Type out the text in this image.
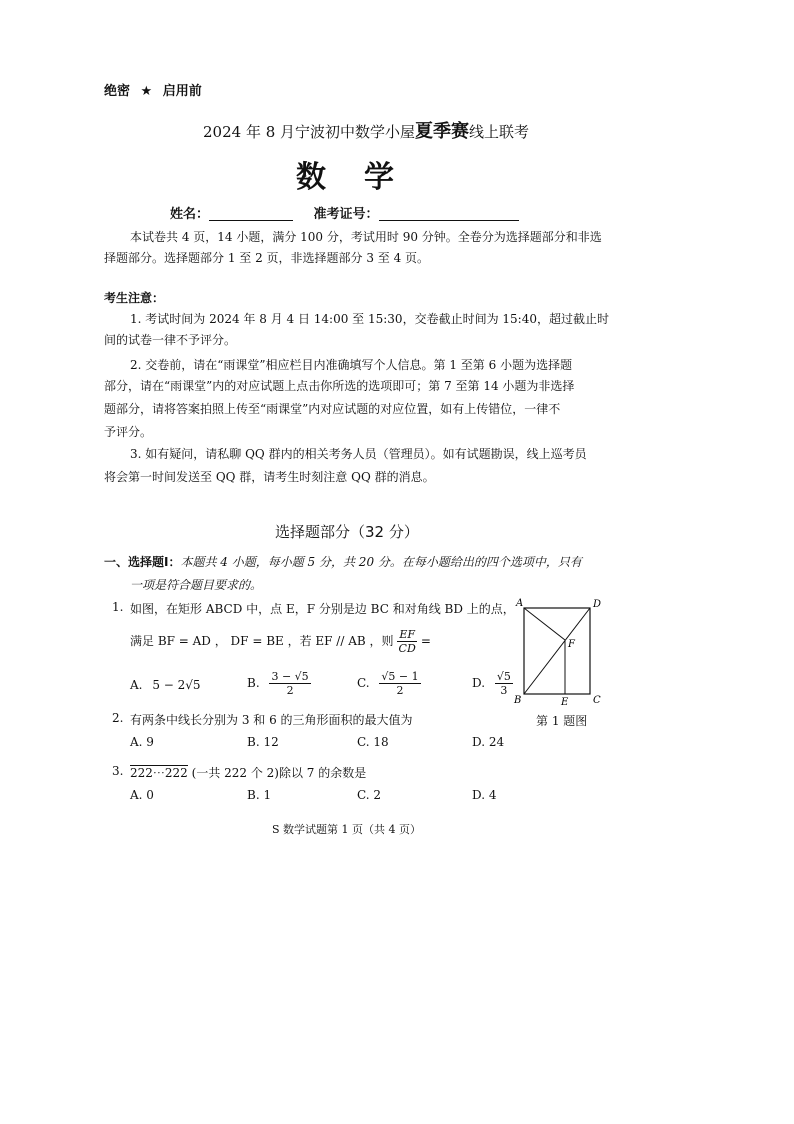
绝密 ★ 启用前
2024 年 8 月宁波初中数学小屋夏季赛线上联考
数　学
姓名：	准考证号：
本试卷共 4 页，14 小题，满分 100 分，考试用时 90 分钟。全卷分为选择题部分和非选
择题部分。选择题部分 1 至 2 页，非选择题部分 3 至 4 页。
考生注意：
1. 考试时间为 2024 年 8 月 4 日 14:00 至 15:30，交卷截止时间为 15:40，超过截止时
间的试卷一律不予评分。
2. 交卷前，请在“雨课堂”相应栏目内准确填写个人信息。第 1 至第 6 小题为选择题
部分，请在“雨课堂”内的对应试题上点击你所选的选项即可；第 7 至第 14 小题为非选择
题部分，请将答案拍照上传至“雨课堂”内对应试题的对应位置，如有上传错位，一律不
予评分。
3. 如有疑问，请私聊 QQ 群内的相关考务人员（管理员）。如有试题勘误，线上巡考员
将会第一时间发送至 QQ 群，请考生时刻注意 QQ 群的消息。
选择题部分（32 分）
一、选择题Ⅰ：本题共 4 小题，每小题 5 分，共 20 分。在每小题给出的四个选项中，只有
一项是符合题目要求的。
1. 如图，在矩形 ABCD 中，点 E，F 分别是边 BC 和对角线 BD 上的点，
满足 BF = AD ， DF = BE ，若 EF // AB ，则 $\frac{EF}{CD}$ =
A. 5 − 2√5	B. $\frac{3 - √5}{2}$	C. $\frac{√5 - 1}{2}$	D. $\frac{√5}{3}$
A	D
B	C
E
F
第 1 题图
2. 有两条中线长分别为 3 和 6 的三角形面积的最大值为
A. 9	B. 12	C. 18	D. 24
3. 222⋯222 (一共 222 个 2)除以 7 的余数是
A. 0	B. 1	C. 2	D. 4
S 数学试题第 1 页（共 4 页）
